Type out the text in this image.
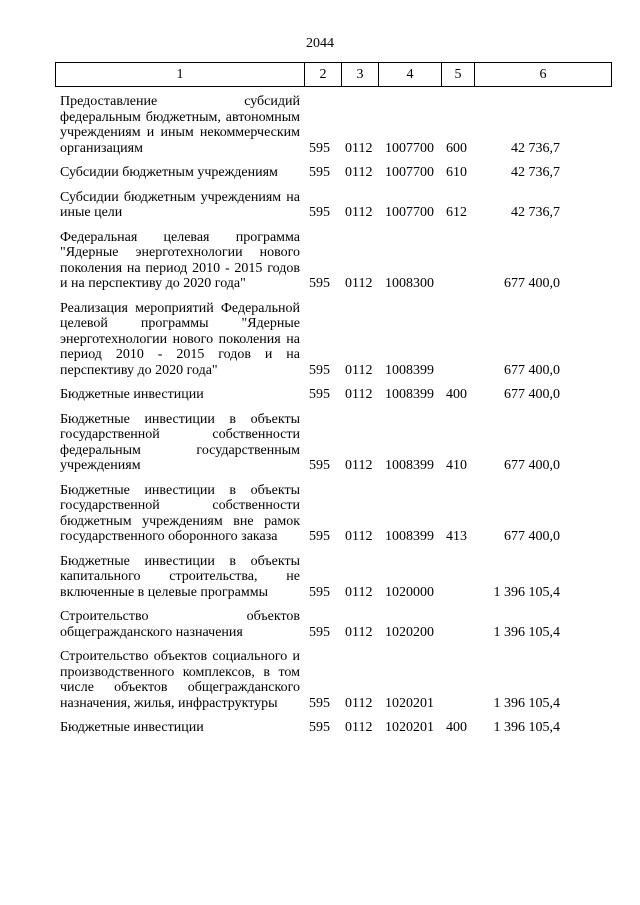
2044
1	2	3	4	5	6
Предоставление субсидий федеральным бюджетным, автономным учреждениям и иным некоммерческим организациям	595	0112 1007700 600	42 736,7
Субсидии бюджетным учреждениям	595	0112 1007700 610	42 736,7
Субсидии бюджетным учреждениям на иные цели	595	0112 1007700 612	42 736,7
Федеральная целевая программа "Ядерные энерготехнологии нового поколения на период 2010 - 2015 годов и на перспективу до 2020 года"	595	0112 1008300	677 400,0
Реализация мероприятий Федеральной целевой программы "Ядерные энерготехнологии нового поколения на период 2010 - 2015 годов и на перспективу до 2020 года"	595	0112 1008399	677 400,0
Бюджетные инвестиции	595	0112 1008399 400	677 400,0
Бюджетные инвестиции в объекты государственной собственности федеральным государственным учреждениям	595	0112 1008399 410	677 400,0
Бюджетные инвестиции в объекты государственной собственности бюджетным учреждениям вне рамок государственного оборонного заказа	595	0112 1008399 413	677 400,0
Бюджетные инвестиции в объекты капитального строительства, не включенные в целевые программы	595	0112 1020000	1 396 105,4
Строительство объектов общегражданского назначения	595	0112 1020200	1 396 105,4
Строительство объектов социального и производственного комплексов, в том числе объектов общегражданского назначения, жилья, инфраструктуры	595	0112 1020201	1 396 105,4
Бюджетные инвестиции	595	0112 1020201 400	1 396 105,4
